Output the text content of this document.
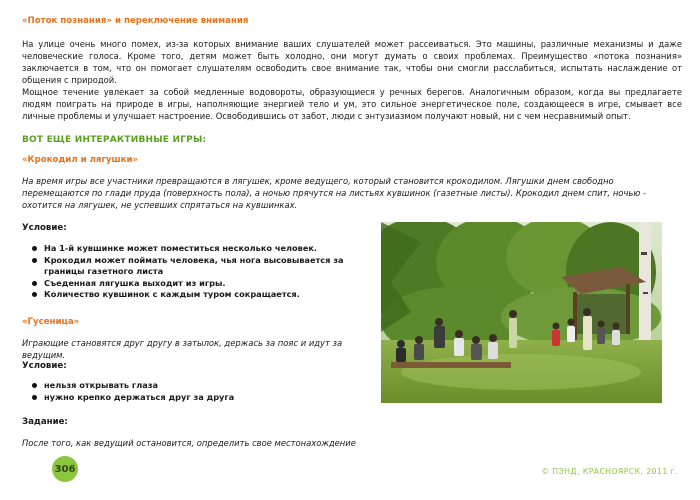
«Поток познания» и переключение внимания

На улице очень много помех, из-за которых внимание ваших слушателей может рассеиваться. Это машины, различные механизмы и даже человеческие голоса. Кроме того, детям может быть холодно, они могут думать о своих проблемах. Преимущество «потока познания» заключается в том, что он помогает слушателям освободить свое внимание так, чтобы они смогли расслабиться, испытать наслаждение от общения с природой.

Мощное течение увлекает за собой медленные водовороты, образующиеся у речных берегов. Аналогичным образом, когда вы предлагаете людям поиграть на природе в игры, наполняющие энергией тело и ум, это сильное энергетическое поле, создающееся в игре, смывает все личные проблемы и улучшает настроение. Освободившись от забот, люди с энтузиазмом получают новый, ни с чем несравнимый опыт.

ВОТ ЕЩЕ ИНТЕРАКТИВНЫЕ ИГРЫ:
«Крокодил и лягушки»

На время игры все участники превращаются в лягушек, кроме ведущего, который становится крокодилом. Лягушки днем свободно перемещаются по глади пруда (поверхность пола), а ночью прячутся на листьях кувшинок (газетные листы). Крокодил днем спит, ночью - охотится на лягушек, не успевших спрятаться на кувшинках.

Условие:
На 1-й кувшинке может поместиться несколько человек.
Крокодил может поймать человека, чья нога высовывается за границы газетного листа
Съеденная лягушка выходит из игры.
Количество кувшинок с каждым туром сокращается.
«Гусеница»

Играющие становятся друг другу в затылок, держась за пояс и идут за ведущим.

Условие:
нельзя открывать глаза
нужно крепко держаться друг за друга
Задание:

После того, как ведущий остановится, определить свое местонахождение

306	© ПЭНД, КРАСНОЯРСК, 2011 г.
